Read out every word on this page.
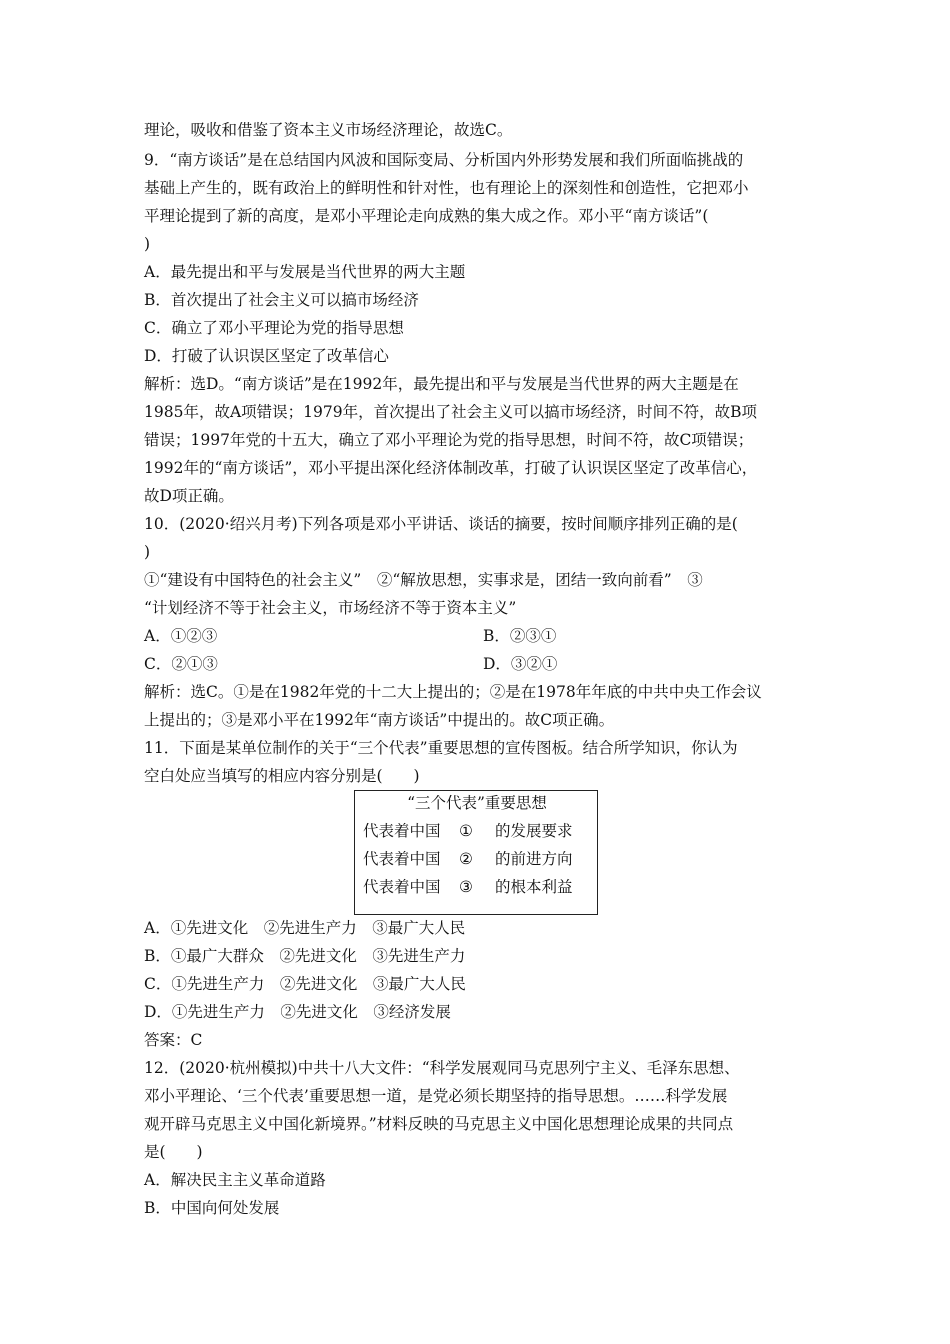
理论，吸收和借鉴了资本主义市场经济理论，故选C。
9．“南方谈话”是在总结国内风波和国际变局、分析国内外形势发展和我们所面临挑战的
基础上产生的，既有政治上的鲜明性和针对性，也有理论上的深刻性和创造性，它把邓小
平理论提到了新的高度，是邓小平理论走向成熟的集大成之作。邓小平“南方谈话”(
)
A．最先提出和平与发展是当代世界的两大主题
B．首次提出了社会主义可以搞市场经济
C．确立了邓小平理论为党的指导思想
D．打破了认识误区坚定了改革信心
解析：选D。“南方谈话”是在1992年，最先提出和平与发展是当代世界的两大主题是在
1985年，故A项错误；1979年，首次提出了社会主义可以搞市场经济，时间不符，故B项
错误；1997年党的十五大，确立了邓小平理论为党的指导思想，时间不符，故C项错误；
1992年的“南方谈话”，邓小平提出深化经济体制改革，打破了认识误区坚定了改革信心，
故D项正确。
10．(2020·绍兴月考)下列各项是邓小平讲话、谈话的摘要，按时间顺序排列正确的是(
)
①“建设有中国特色的社会主义”　②“解放思想，实事求是，团结一致向前看”　③
“计划经济不等于社会主义，市场经济不等于资本主义”
A．①②③	B．②③①
C．②①③	D．③②①
解析：选C。①是在1982年党的十二大上提出的；②是在1978年年底的中共中央工作会议
上提出的；③是邓小平在1992年“南方谈话”中提出的。故C项正确。
11．下面是某单位制作的关于“三个代表”重要思想的宣传图板。结合所学知识，你认为
空白处应当填写的相应内容分别是(　　)
“三个代表”重要思想
代表着中国 ① 的发展要求
代表着中国 ② 的前进方向
代表着中国 ③ 的根本利益
A．①先进文化　②先进生产力　③最广大人民
B．①最广大群众　②先进文化　③先进生产力
C．①先进生产力　②先进文化　③最广大人民
D．①先进生产力　②先进文化　③经济发展
答案：C
12．(2020·杭州模拟)中共十八大文件：“科学发展观同马克思列宁主义、毛泽东思想、
邓小平理论、‘三个代表’重要思想一道，是党必须长期坚持的指导思想。……科学发展
观开辟马克思主义中国化新境界。”材料反映的马克思主义中国化思想理论成果的共同点
是(　　)
A．解决民主主义革命道路
B．中国向何处发展
